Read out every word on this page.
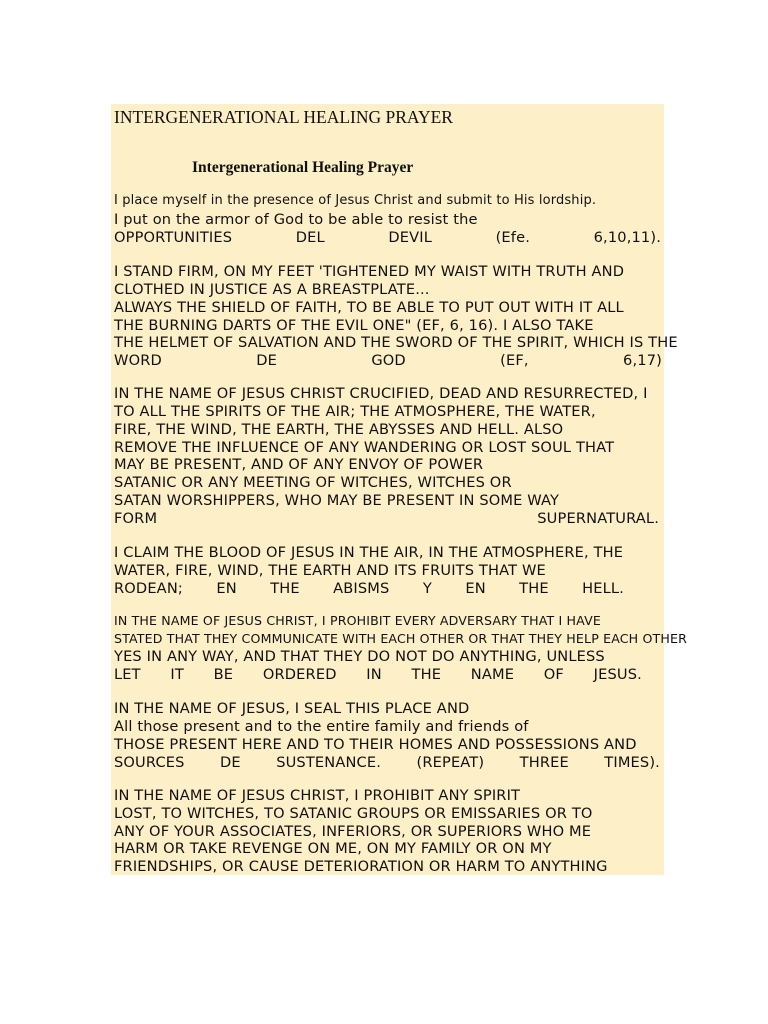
INTERGENERATIONAL HEALING PRAYER
Intergenerational Healing Prayer
I place myself in the presence of Jesus Christ and submit to His lordship.
I put on the armor of God to be able to resist the
OPPORTUNITIES	DEL	DEVIL	(Efe.	6,10,11).
I STAND FIRM, ON MY FEET 'TIGHTENED MY WAIST WITH TRUTH AND
CLOTHED IN JUSTICE AS A BREASTPLATE...
ALWAYS THE SHIELD OF FAITH, TO BE ABLE TO PUT OUT WITH IT ALL
THE BURNING DARTS OF THE EVIL ONE" (EF, 6, 16). I ALSO TAKE
THE HELMET OF SALVATION AND THE SWORD OF THE SPIRIT, WHICH IS THE
WORD	DE	GOD	(EF,	6,17)
IN THE NAME OF JESUS CHRIST CRUCIFIED, DEAD AND RESURRECTED, I
TO ALL THE SPIRITS OF THE AIR; THE ATMOSPHERE, THE WATER,
FIRE, THE WIND, THE EARTH, THE ABYSSES AND HELL. ALSO
REMOVE THE INFLUENCE OF ANY WANDERING OR LOST SOUL THAT
MAY BE PRESENT, AND OF ANY ENVOY OF POWER
SATANIC OR ANY MEETING OF WITCHES, WITCHES OR
SATAN WORSHIPPERS, WHO MAY BE PRESENT IN SOME WAY
FORM	SUPERNATURAL.
I CLAIM THE BLOOD OF JESUS IN THE AIR, IN THE ATMOSPHERE, THE
WATER, FIRE, WIND, THE EARTH AND ITS FRUITS THAT WE
RODEAN; EN THE ABISMS Y EN THE HELL.
IN THE NAME OF JESUS CHRIST, I PROHIBIT EVERY ADVERSARY THAT I HAVE
STATED THAT THEY COMMUNICATE WITH EACH OTHER OR THAT THEY HELP EACH OTHER
YES IN ANY WAY, AND THAT THEY DO NOT DO ANYTHING, UNLESS
LET IT BE ORDERED IN THE NAME OF JESUS.
IN THE NAME OF JESUS, I SEAL THIS PLACE AND
All those present and to the entire family and friends of
THOSE PRESENT HERE AND TO THEIR HOMES AND POSSESSIONS AND
SOURCES DE SUSTENANCE. (REPEAT) THREE TIMES).
IN THE NAME OF JESUS CHRIST, I PROHIBIT ANY SPIRIT
LOST, TO WITCHES, TO SATANIC GROUPS OR EMISSARIES OR TO
ANY OF YOUR ASSOCIATES, INFERIORS, OR SUPERIORS WHO ME
HARM OR TAKE REVENGE ON ME, ON MY FAMILY OR ON MY
FRIENDSHIPS, OR CAUSE DETERIORATION OR HARM TO ANYTHING
